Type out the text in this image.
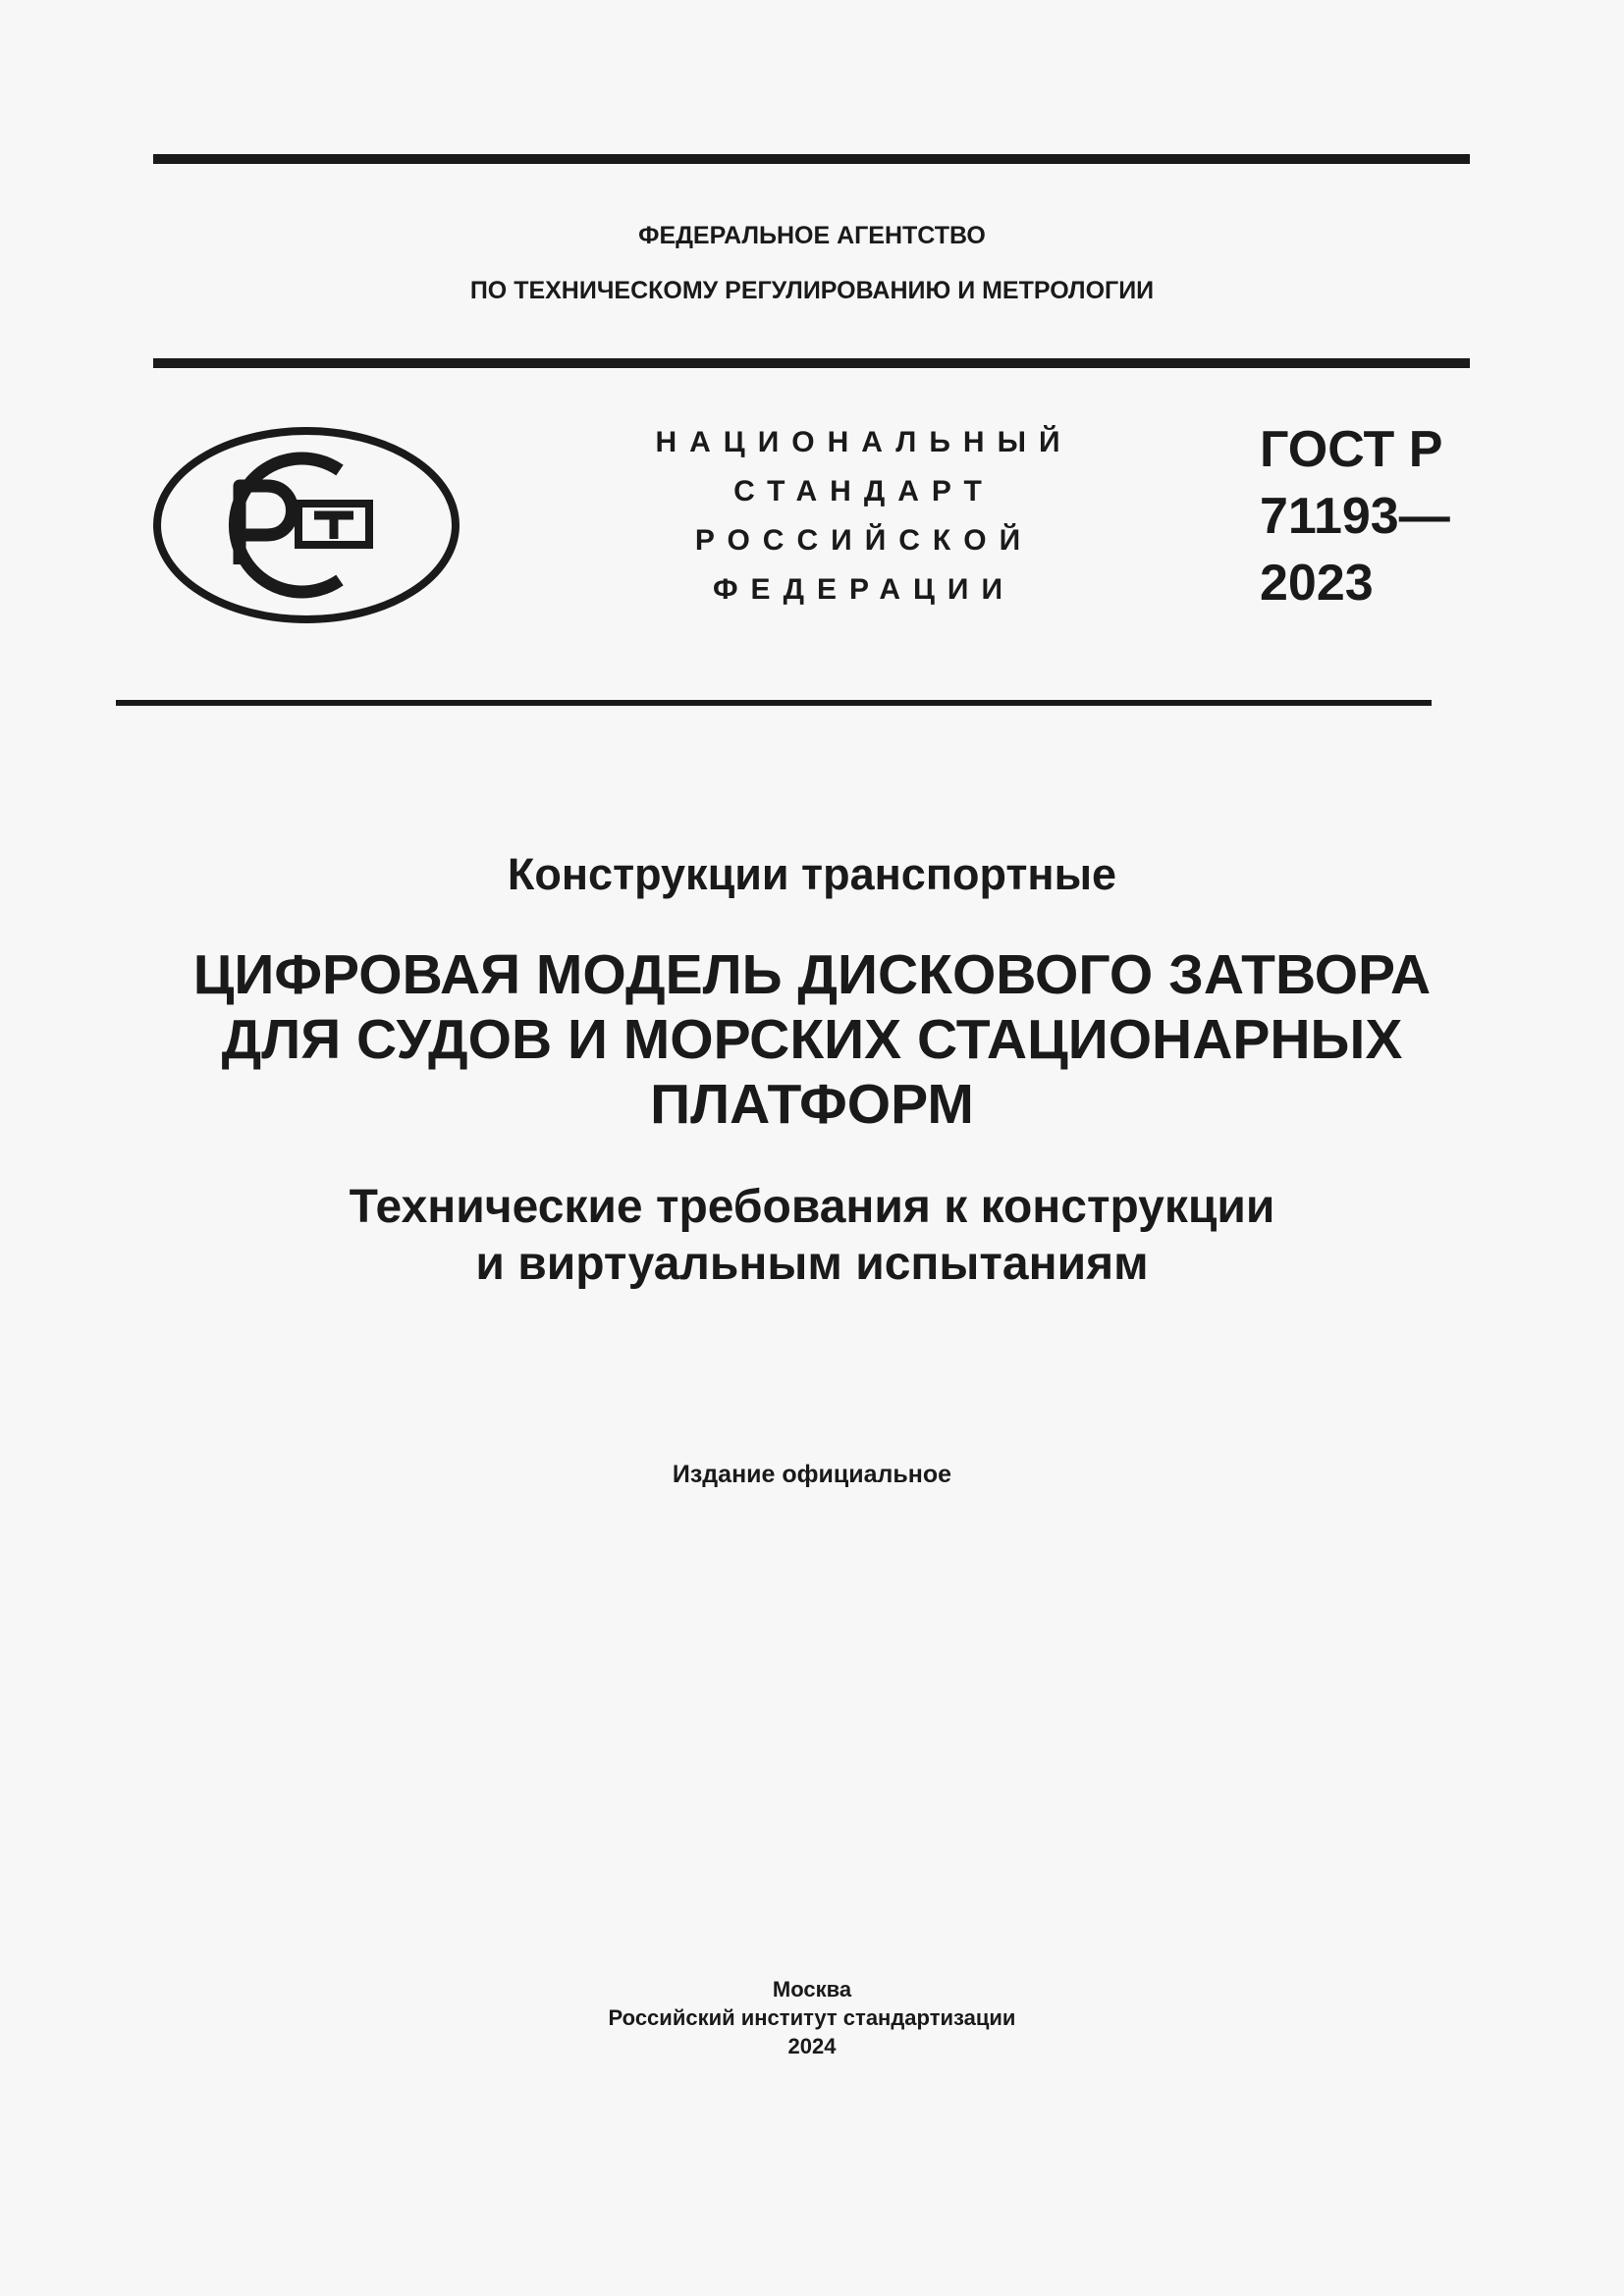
ФЕДЕРАЛЬНОЕ АГЕНТСТВО
ПО ТЕХНИЧЕСКОМУ РЕГУЛИРОВАНИЮ И МЕТРОЛОГИИ
НАЦИОНАЛЬНЫЙ
СТАНДАРТ
РОССИЙСКОЙ
ФЕДЕРАЦИИ
ГОСТ Р
71193—
2023
Конструкции транспортные
ЦИФРОВАЯ МОДЕЛЬ ДИСКОВОГО ЗАТВОРА
ДЛЯ СУДОВ И МОРСКИХ СТАЦИОНАРНЫХ
ПЛАТФОРМ
Технические требования к конструкции
и виртуальным испытаниям
Издание официальное
Москва
Российский институт стандартизации
2024
